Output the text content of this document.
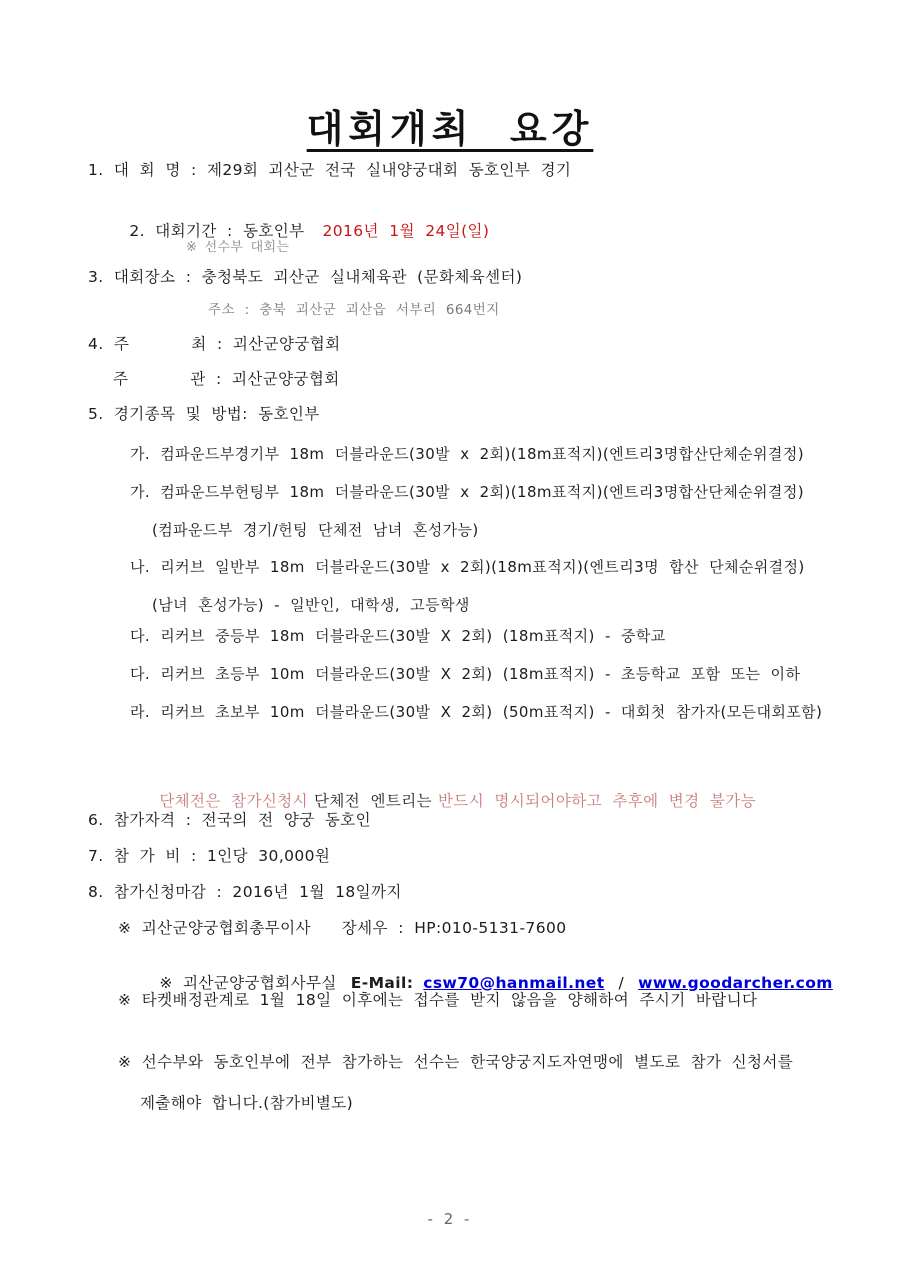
대회개최  요강
1. 대 회 명 : 제29회 괴산군 전국 실내양궁대회 동호인부 경기

2. 대회기간 : 동호인부 2016년 1월 24일(일)

※ 선수부 대회는
3. 대회장소 : 충청북도 괴산군 실내체육관 (문화체육센터)
주소 : 충북 괴산군 괴산읍 서부리 664번지
4. 주      최 : 괴산군양궁협회
주      관 : 괴산군양궁협회
5. 경기종목 및 방법: 동호인부
가. 컴파운드부경기부 18m 더블라운드(30발 x 2회)(18m표적지)(엔트리3명합산단체순위결정)
가. 컴파운드부헌팅부 18m 더블라운드(30발 x 2회)(18m표적지)(엔트리3명합산단체순위결정)
(컴파운드부 경기/헌팅 단체전 남녀 혼성가능)
나. 리커브 일반부 18m 더블라운드(30발 x 2회)(18m표적지)(엔트리3명 합산 단체순위결정)
(남녀 혼성가능) - 일반인, 대학생, 고등학생
다. 리커브 중등부 18m 더블라운드(30발 X 2회) (18m표적지) - 중학교
다. 리커브 초등부 10m 더블라운드(30발 X 2회) (18m표적지) - 초등학교 포함 또는 이하
라. 리커브 초보부 10m 더블라운드(30발 X 2회) (50m표적지) - 대회첫 참가자(모든대회포함)

단체전은 참가신청시 단체전 엔트리는 반드시 명시되어야하고 추후에 변경 불가능

6. 참가자격 : 전국의 전 양궁 동호인
7. 참 가 비 : 1인당 30,000원
8. 참가신청마감 : 2016년 1월 18일까지
※ 괴산군양궁협회총무이사   장세우 : HP:010-5131-7600

※ 괴산군양궁협회사무실 E-Mail: csw70@hanmail.net / www.goodarcher.com

※ 타켓배정관계로 1월 18일 이후에는 접수를 받지 않음을 양해하여 주시기 바랍니다
※ 선수부와 동호인부에 전부 참가하는 선수는 한국양궁지도자연맹에 별도로 참가 신청서를
제출해야 합니다.(참가비별도)
- 2 -
